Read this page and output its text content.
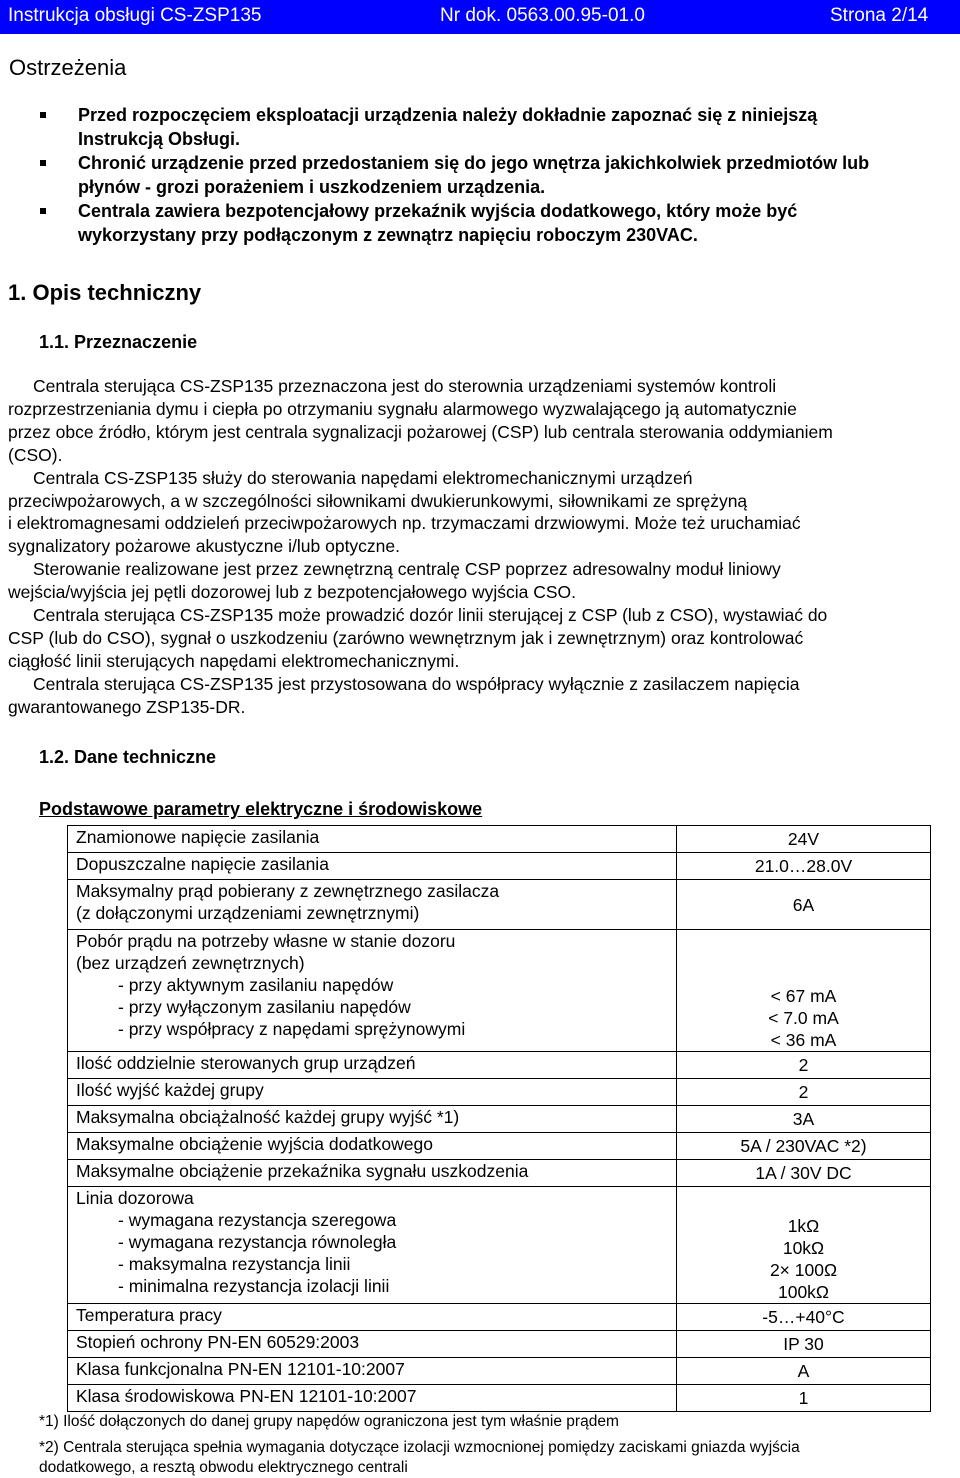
Instrukcja obsługi CS-ZSP135	Nr dok. 0563.00.95-01.0	Strona 2/14
Ostrzeżenia
Przed rozpoczęciem eksploatacji urządzenia należy dokładnie zapoznać się z niniejszą
Instrukcją Obsługi.
Chronić urządzenie przed przedostaniem się do jego wnętrza jakichkolwiek przedmiotów lub
płynów - grozi porażeniem i uszkodzeniem urządzenia.
Centrala zawiera bezpotencjałowy przekaźnik wyjścia dodatkowego, który może być
wykorzystany przy podłączonym z zewnątrz napięciu roboczym 230VAC.
1. Opis techniczny
1.1. Przeznaczenie
Centrala sterująca CS-ZSP135 przeznaczona jest do sterownia urządzeniami systemów kontroli
rozprzestrzeniania dymu i ciepła po otrzymaniu sygnału alarmowego wyzwalającego ją automatycznie
przez obce źródło, którym jest centrala sygnalizacji pożarowej (CSP) lub centrala sterowania oddymianiem
(CSO).
Centrala CS-ZSP135 służy do sterowania napędami elektromechanicznymi urządzeń
przeciwpożarowych, a w szczególności siłownikami dwukierunkowymi, siłownikami ze sprężyną
i elektromagnesami oddzieleń przeciwpożarowych np. trzymaczami drzwiowymi. Może też uruchamiać
sygnalizatory pożarowe akustyczne i/lub optyczne.
Sterowanie realizowane jest przez zewnętrzną centralę CSP poprzez adresowalny moduł liniowy
wejścia/wyjścia jej pętli dozorowej lub z bezpotencjałowego wyjścia CSO.
Centrala sterująca CS-ZSP135 może prowadzić dozór linii sterującej z CSP (lub z CSO), wystawiać do
CSP (lub do CSO), sygnał o uszkodzeniu (zarówno wewnętrznym jak i zewnętrznym) oraz kontrolować
ciągłość linii sterujących napędami elektromechanicznymi.
Centrala sterująca CS-ZSP135 jest przystosowana do współpracy wyłącznie z zasilaczem napięcia
gwarantowanego ZSP135-DR.
1.2. Dane techniczne
Podstawowe parametry elektryczne i środowiskowe
Znamionowe napięcie zasilania	24V

Dopuszczalne napięcie zasilania	21.0…28.0V

Maksymalny prąd pobierany z zewnętrznego zasilacza
(z dołączonymi urządzeniami zewnętrznymi)	6A

Pobór prądu na potrzeby własne w stanie dozoru
(bez urządzeń zewnętrznych)
- przy aktywnym zasilaniu napędów
- przy wyłączonym zasilaniu napędów
- przy współpracy z napędami sprężynowymi	< 67 mA
< 7.0 mA
< 36 mA

Ilość oddzielnie sterowanych grup urządzeń	2

Ilość wyjść każdej grupy	2

Maksymalna obciążalność każdej grupy wyjść *1)	3A

Maksymalne obciążenie wyjścia dodatkowego	5A / 230VAC *2)

Maksymalne obciążenie przekaźnika sygnału uszkodzenia	1A / 30V DC

Linia dozorowa
- wymagana rezystancja szeregowa
- wymagana rezystancja równoległa
- maksymalna rezystancja linii
- minimalna rezystancja izolacji linii	1kΩ
10kΩ
2× 100Ω
100kΩ

Temperatura pracy	-5…+40°C

Stopień ochrony PN-EN 60529:2003	IP 30

Klasa funkcjonalna PN-EN 12101-10:2007	A

Klasa środowiskowa PN-EN 12101-10:2007	1
*1) Ilość dołączonych do danej grupy napędów ograniczona jest tym właśnie prądem
*2) Centrala sterująca spełnia wymagania dotyczące izolacji wzmocnionej pomiędzy zaciskami gniazda wyjścia
dodatkowego, a resztą obwodu elektrycznego centrali
